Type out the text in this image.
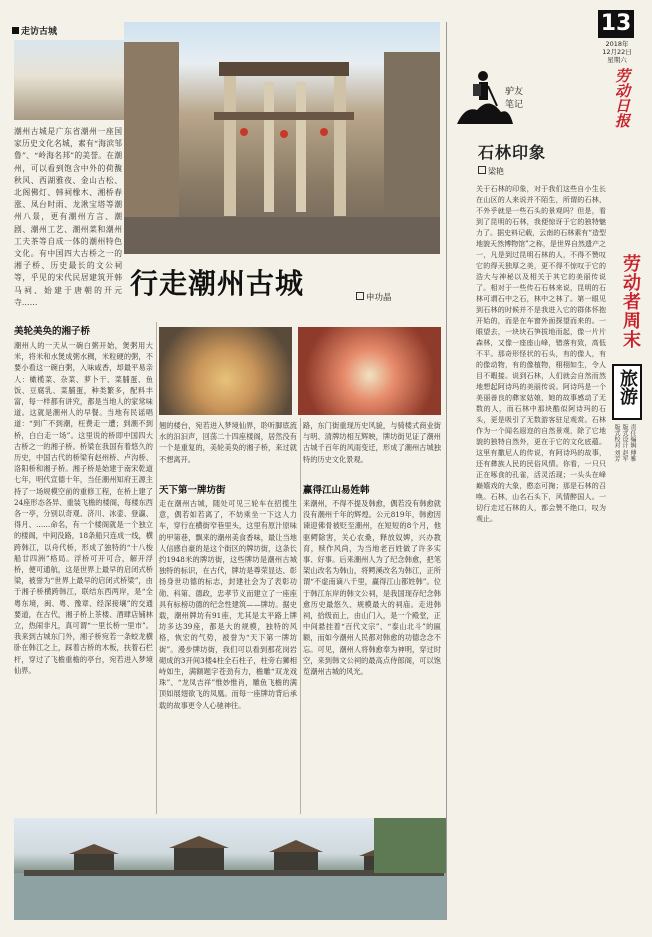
走访古城
潮州古城是广东省潮州一座国家历史文化名城，素有“海滨邹鲁”、“岭海名邦”的美誉。在潮州，可以看到饱含中外的荷馥秋风、西湖雅夜、金山古松、北阁佛灯、韩祠橡木、湘桥春涨、凤台时雨、龙湫宝塔等潮州八景，更有潮州方言、潮剧、潮州工艺、潮州菜和潮州工夫茶等自成一体的潮州特色文化。有中国四大古桥之一的湘子桥、历史最长的文公祠等，乎见的宋代民居建筑开韩马祠、始建于唐朝的开元寺……
行走潮州古城	申功晶
美轮美奂的湘子桥
潮州人的一天从一碗白粥开始，煲粥用大米，将米和水煲成粥水稠，米粒硬的粥，不要小看这一碗白粥，入味咸香，却最平易亲人：橄榄菜、杂菜、萝卜干、菜脯蛋、鱼饭、豆腐乳、菜脯蛋，种类繁多，配料丰富，每一样都有讲究，都是当地人的家常味道。这就是潮州人的早餐。当地有民谣唱道：“到广不到潮，枉费走一遭；到潮不到桥，白白走一场”。这里说的桥即中国四大古桥之一的湘子桥。桥梁在我国有着悠久的历史，中国古代的桥梁有赵州桥、卢沟桥、洛阳桥和湘子桥。湘子桥是始建于南宋乾道七年，明代宣德十年，当任潮州知府王源主持了一场规模空前的重修工程，在桥上建了24座形态各异、重装飞檐的楼阁，每楼东西各一亭，分别以奇观、济川、冰壶、登瀛、得月、……命名，有一个楼阁就是一个独立的楼阁，中间没路，18条船只连成一线，横跨韩江，以舟代桥，形成了独特的“十八梭船廿四洲”格局。浮桥可开可合，解开浮桥，便可通航，这是世界上最早的启闭式桥梁，被誉为“世界上最早的启闭式桥梁”，由于湘子桥横跨韩江，联结东西两岸，是“全粤东境，闽、粤、豫章、经深接壤”的交通要道，在古代，湘子桥上茶楼、酒肆店铺林立，热闹非凡，真可谓“一里长桥一里市”。我来到古城东门外，湘子桥宛若一条蛟龙横卧在韩江之上，踩着古桥的木板，扶着石栏杆，穿过了飞檐重檐的亭台，宛若进入梦境仙界。
翘的楼台，宛若进入梦境仙界，聆听脚底流水的汩汩声，回荡二十四座楼阁，居然没有一个是重复的，美轮美奂的湘子桥，来过就不想离开。
天下第一牌坊街
走在潮州古城，随处可见三轮车在招揽生意，偶若如若离了，不妨乘坐一下这人力车，穿行在横街窄巷里头，这里有原汁原味的甲第巷，飘来的潮州美食香味，最让当地人信感自豪的是这个街区的牌坊街，这条长约1948米的牌坊街，这些牌坊是潮州古城独特的标识，在古代，牌坊是尊荣显达、彰扬身世功德的标志，封建社会为了表彰功勋、科第、德政，忠孝节义而建立了一座座具有标榜功德的纪念性建筑——牌坊。据史载，潮州牌坊有91座，尤其是太平路上牌坊多达39座，都是大的规模，独特的风格，恢宏的气势，被誉为“天下第一牌坊街”。漫步牌坊街，我们可以看到那花岗岩砌成的3开间3楼4柱全石柱子，柱旁右狮相峙如生，满额题字苍劲有力，檐雕“双龙戏珠”、“龙凤吉祥”惟妙惟肖，雕鱼飞檐的满顶如展翅欲飞的凤凰。而每一座牌坊背后承载的故事更令人心驰神往。
路，东门街重现历史风貌，与骑楼式商业街与明、清牌坊相互辉映，牌坊街见证了潮州古城千百年的风雨变迁，形成了潮州古城独特的历史文化景观。
赢得江山易姓韩
来潮州，不得不提及韩愈，偶若没有韩愈就没有潮州千年的辉煌。公元819年，韩愈因谏迎佛骨被贬至潮州，在短短的8个月，他驱鳄除害，关心农桑，释放奴婢，兴办教育，赎作风尚，为当地老百姓做了许多实事、好事。后来潮州人为了纪念韩愈，把笔架山改名为韩山，将鳄溪改名为韩江，正所谓“不虚南谪八千里，赢得江山都姓韩”。位于韩江东岸的韩文公祠，是我国现存纪念韩愈历史最悠久、规模最大的祠庙。走进韩祠，拾级而上，由山门入，是一个殿堂，正中间悬挂着“百代文宗”、“泰山北斗”的匾额，而如今潮州人民都对韩愈的功德念念不忘。可见，潮州人将韩愈奉为神明，穿过时空，来到韩文公祠的最高点侍郎阁，可以饱览潮州古城的风光。
驴友
笔记
13
2018年
12月22日
星期六
劳动日报
石林印象
梁艳
关于石林的印象，对于我们这些自小生长在山区的人来说并不陌生，所谓的石林，不外乎就是一些石头的景观吗？但是，看到了昆明的石林，我便惊讶于它的独特魅力了。据史料记载，云南的石林素有“造型地貌天然博物馆”之称，是世界自然遗产之一，凡是到过昆明石林的人，不得不赞叹它的得天独厚之美，更不得不惊叹于它的浩大与神秘以及相关于其它的美丽传说了。相对于一些传石石林来说，昆明的石林可谓石中之石，林中之林了。第一眼见到石林的时候并不是我进入它的群体怀抱开始的，而是在车窗外面探望而来的。一眼望去，一块块石笋拔地而起，像一片片森林，又像一座座山峰，错落有致，高低不平。那奇形怪状的石头，有的像人，有的像动物，有的像植物，栩栩如生，令人目不暇接。说到石林，人们就会自然而然地想起阿诗玛的美丽传说。阿诗玛是一个美丽善良的彝家姑娘，她的故事感动了无数的人，而石林中那块酷似阿诗玛的石头，更是吸引了无数游客驻足观赏。石林作为一个闻名遐迩的自然景观，除了它地貌的独特自然外，更在于它的文化底蕴。这里有撒尼人的传说，有阿诗玛的故事，还有彝族人民的民俗风情。你看，一只只正在啄食的孔雀，活灵活现；一头头在峰巅嬉戏的大象，憨态可掬；那是石林的召唤。石林，山名石头下，风情醉国人。一切行走过石林的人，都会赞不绝口，叹为观止。
劳动者周末
旅游
责任编辑 傅雅
版式设计 赵军
版式校对 刘芳
